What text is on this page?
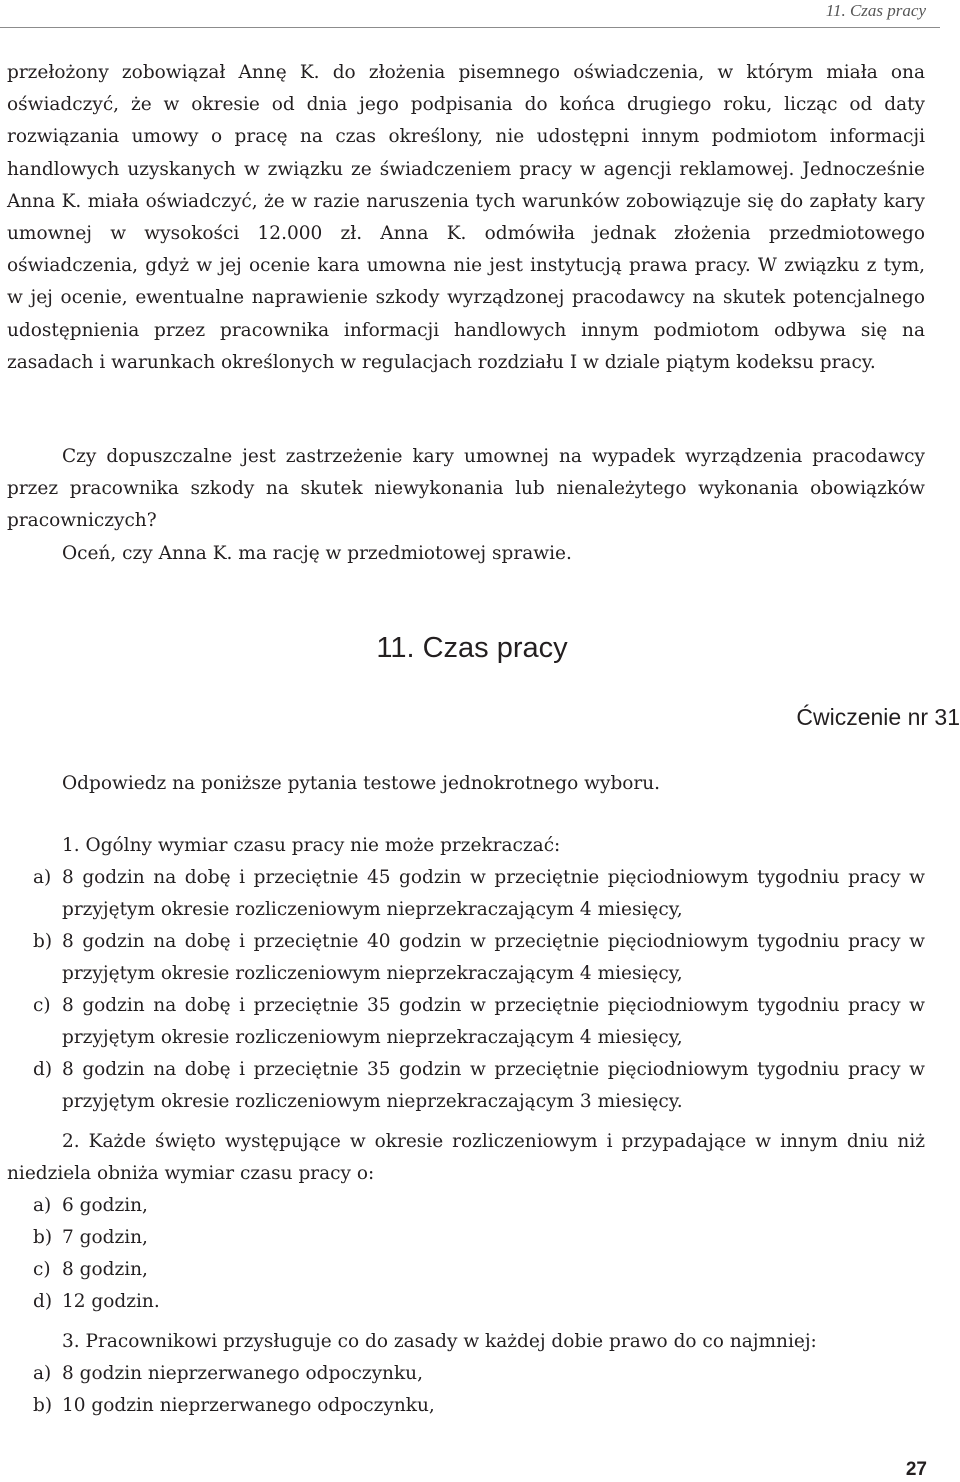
11. Czas pracy

przełożony zobowiązał Annę K. do złożenia pisemnego oświadczenia, w którym miała ona oświadczyć, że w okresie od dnia jego podpisania do końca drugiego roku, licząc od daty rozwiązania umowy o pracę na czas określony, nie udostępni innym podmiotom informacji handlowych uzyskanych w związku ze świadczeniem pracy w agencji reklamowej. Jednocześnie Anna K. miała oświadczyć, że w razie naruszenia tych warunków zobowiązuje się do zapłaty kary umownej w wysokości 12.000 zł. Anna K. odmówiła jednak złożenia przedmiotowego oświadczenia, gdyż w jej ocenie kara umowna nie jest instytucją prawa pracy. W związku z tym, w jej ocenie, ewentualne naprawienie szkody wyrządzonej pracodawcy na skutek potencjalnego udostępnienia przez pracownika informacji handlowych innym podmiotom odbywa się na zasadach i warunkach określonych w regulacjach rozdziału I w dziale piątym kodeksu pracy.

Czy dopuszczalne jest zastrzeżenie kary umownej na wypadek wyrządzenia pracodawcy przez pracownika szkody na skutek niewykonania lub nienależytego wykonania obowiązków pracowniczych?

Oceń, czy Anna K. ma rację w przedmiotowej sprawie.

11. Czas pracy
Ćwiczenie nr 31
Odpowiedz na poniższe pytania testowe jednokrotnego wyboru.

1. Ogólny wymiar czasu pracy nie może przekraczać:

a) 8 godzin na dobę i przeciętnie 45 godzin w przeciętnie pięciodniowym tygodniu pracy w przyjętym okresie rozliczeniowym nieprzekraczającym 4 miesięcy,
b) 8 godzin na dobę i przeciętnie 40 godzin w przeciętnie pięciodniowym tygodniu pracy w przyjętym okresie rozliczeniowym nieprzekraczającym 4 miesięcy,
c) 8 godzin na dobę i przeciętnie 35 godzin w przeciętnie pięciodniowym tygodniu pracy w przyjętym okresie rozliczeniowym nieprzekraczającym 4 miesięcy,
d) 8 godzin na dobę i przeciętnie 35 godzin w przeciętnie pięciodniowym tygodniu pracy w przyjętym okresie rozliczeniowym nieprzekraczającym 3 miesięcy.

2. Każde święto występujące w okresie rozliczeniowym i przypadające w innym dniu niż niedziela obniża wymiar czasu pracy o:

a) 6 godzin,
b) 7 godzin,
c) 8 godzin,
d) 12 godzin.

3. Pracownikowi przysługuje co do zasady w każdej dobie prawo do co najmniej:

a) 8 godzin nieprzerwanego odpoczynku,
b) 10 godzin nieprzerwanego odpoczynku,
27
